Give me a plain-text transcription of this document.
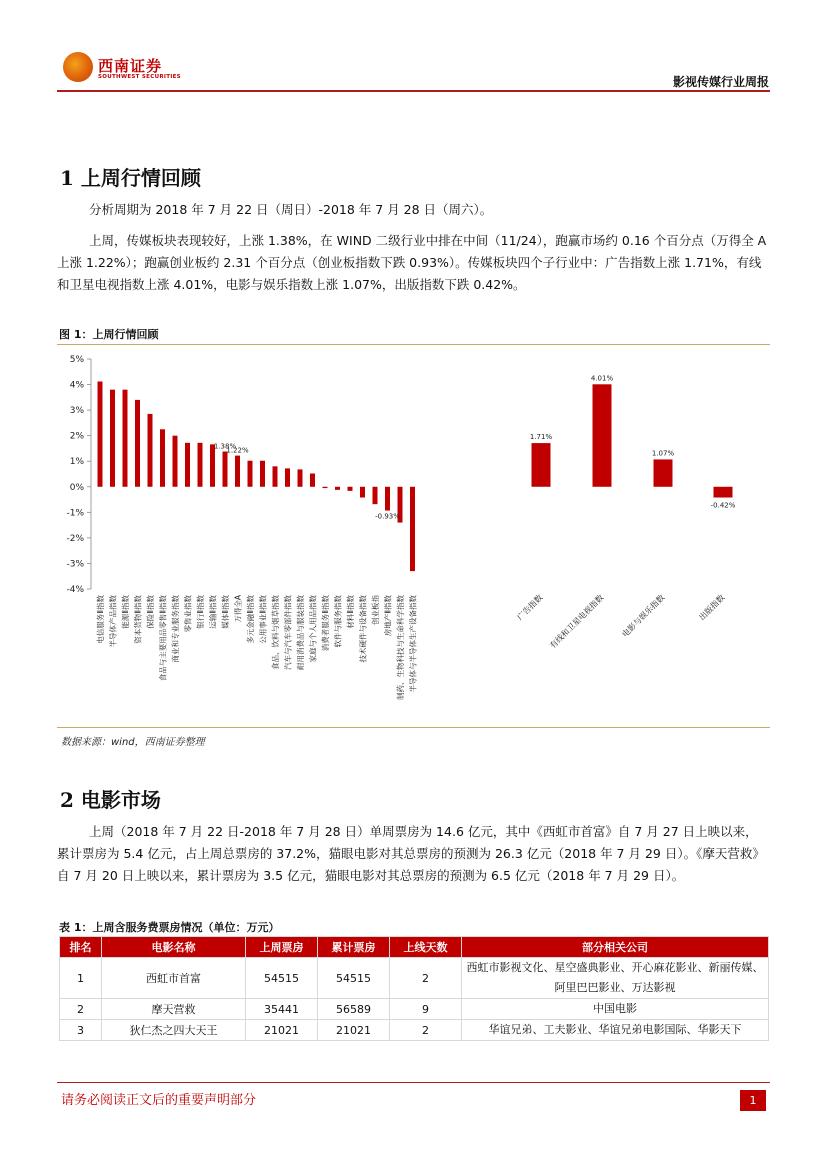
西南证券
SOUTHWEST SECURITIES	影视传媒行业周报
1 上周行情回顾

分析周期为 2018 年 7 月 22 日（周日）-2018 年 7 月 28 日（周六）。

上周，传媒板块表现较好，上涨 1.38%，在 WIND 二级行业中排在中间（11/24），跑赢市场约 0.16 个百分点（万得全 A 上涨 1.22%）；跑赢创业板约 2.31 个百分点（创业板指数下跌 0.93%）。传媒板块四个子行业中：广告指数上涨 1.71%，有线和卫星电视指数上涨 4.01%，电影与娱乐指数上涨 1.07%，出版指数下跌 0.42%。

图 1：上周行情回顾
5%
4%
3%
2%
1%
0%
-1%
-2%
-3%
-4%
1.38%
1.22%
-0.93%
1.71%
4.01%
1.07%
-0.42%
电信服务Ⅱ指数 半导体产品指数 能源Ⅱ指数 资本货物Ⅱ指数 保险Ⅱ指数 食品与主要用品零售Ⅱ指数 商业和专业服务指数 零售业指数 银行Ⅱ指数 运输Ⅱ指数 媒体Ⅱ指数 万得全A 多元金融Ⅱ指数 公用事业Ⅱ指数 食品、饮料与烟草指数 汽车与汽车零部件指数 耐用消费品与服装指数 家庭与个人用品指数 消费者服务Ⅱ指数 软件与服务指数 材料Ⅱ指数 技术硬件与设备指数 创业板指 房地产Ⅱ指数 制药、生物科技与生命科学指数 半导体与半导体生产设备指数	广告指数 有线和卫星电视指数 电影与娱乐指数	出版指数
数据来源：wind，西南证券整理
2 电影市场

上周（2018 年 7 月 22 日-2018 年 7 月 28 日）单周票房为 14.6 亿元，其中《西虹市首富》自 7 月 27 日上映以来，累计票房为 5.4 亿元，占上周总票房的 37.2%，猫眼电影对其总票房的预测为 26.3 亿元（2018 年 7 月 29 日）。《摩天营救》自 7 月 20 日上映以来，累计票房为 3.5 亿元，猫眼电影对其总票房的预测为 6.5 亿元（2018 年 7 月 29 日）。

表 1：上周含服务费票房情况（单位：万元）
排名	电影名称	上周票房	累计票房	上线天数	部分相关公司
1	西虹市首富	54515	54515	2	西虹市影视文化、星空盛典影业、开心麻花影业、新丽传媒、阿里巴巴影业、万达影视
2	摩天营救	35441	56589	9	中国电影
3	狄仁杰之四大天王	21021	21021	2	华谊兄弟、工夫影业、华谊兄弟电影国际、华影天下
请务必阅读正文后的重要声明部分	1
